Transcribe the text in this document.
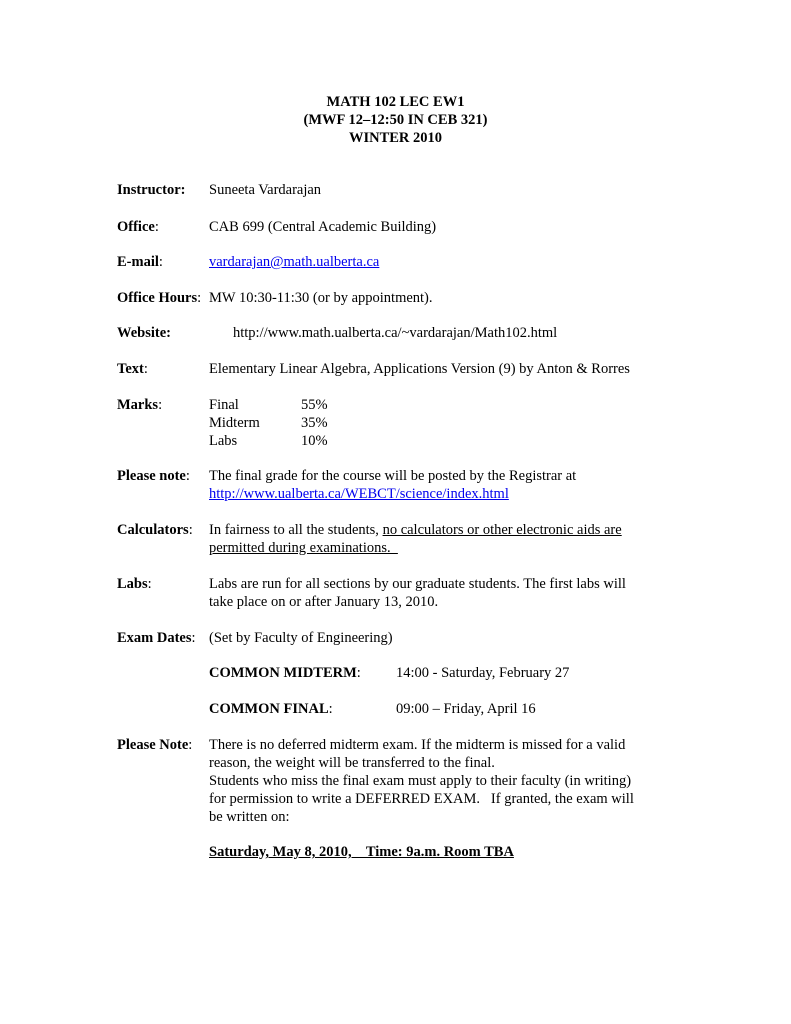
MATH 102 LEC EW1
(MWF 12–12:50 IN CEB 321)
WINTER 2010
Instructor: Suneeta Vardarajan
Office:	CAB 699 (Central Academic Building)
E-mail:	vardarajan@math.ualberta.ca
Office Hours: MW 10:30-11:30 (or by appointment).
Website:	http://www.math.ualberta.ca/~vardarajan/Math102.html
Text:	Elementary Linear Algebra, Applications Version (9) by Anton & Rorres
Marks:	Final	55%
Midterm	35%
Labs	10%
Please note: The final grade for the course will be posted by the Registrar at
http://www.ualberta.ca/WEBCT/science/index.html
Calculators: In fairness to all the students, no calculators or other electronic aids are
permitted during examinations.
Labs:	Labs are run for all sections by our graduate students. The first labs will
take place on or after January 13, 2010.
Exam Dates: (Set by Faculty of Engineering)
COMMON MIDTERM: 14:00 - Saturday, February 27
COMMON FINAL:	09:00 – Friday, April 16
Please Note: There is no deferred midterm exam. If the midterm is missed for a valid
reason, the weight will be transferred to the final.
Students who miss the final exam must apply to their faculty (in writing)
for permission to write a DEFERRED EXAM.   If granted, the exam will
be written on:
Saturday, May 8, 2010,    Time: 9a.m. Room TBA
